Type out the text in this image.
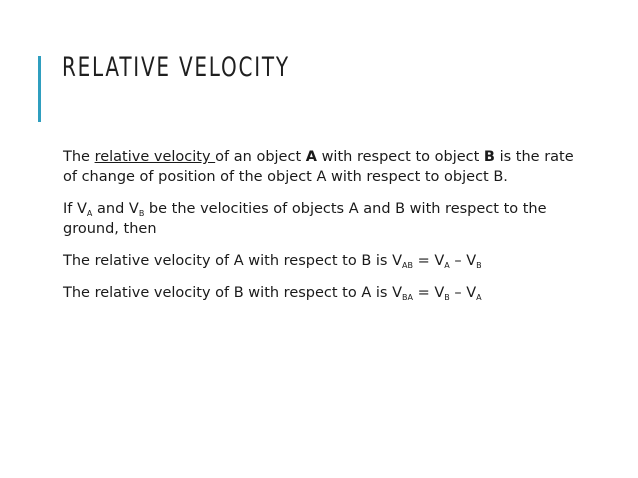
RELATIVE VELOCITY

The relative velocity of an object A with respect to object B is the rate of change of position of the object A with respect to object B.

If $V_A$ and $V_B$ be the velocities of objects A and B with respect to the ground, then

The relative velocity of A with respect to B is $V_{AB} = V_A - V_B$

The relative velocity of B with respect to A is $V_{BA} = V_B - V_A$
